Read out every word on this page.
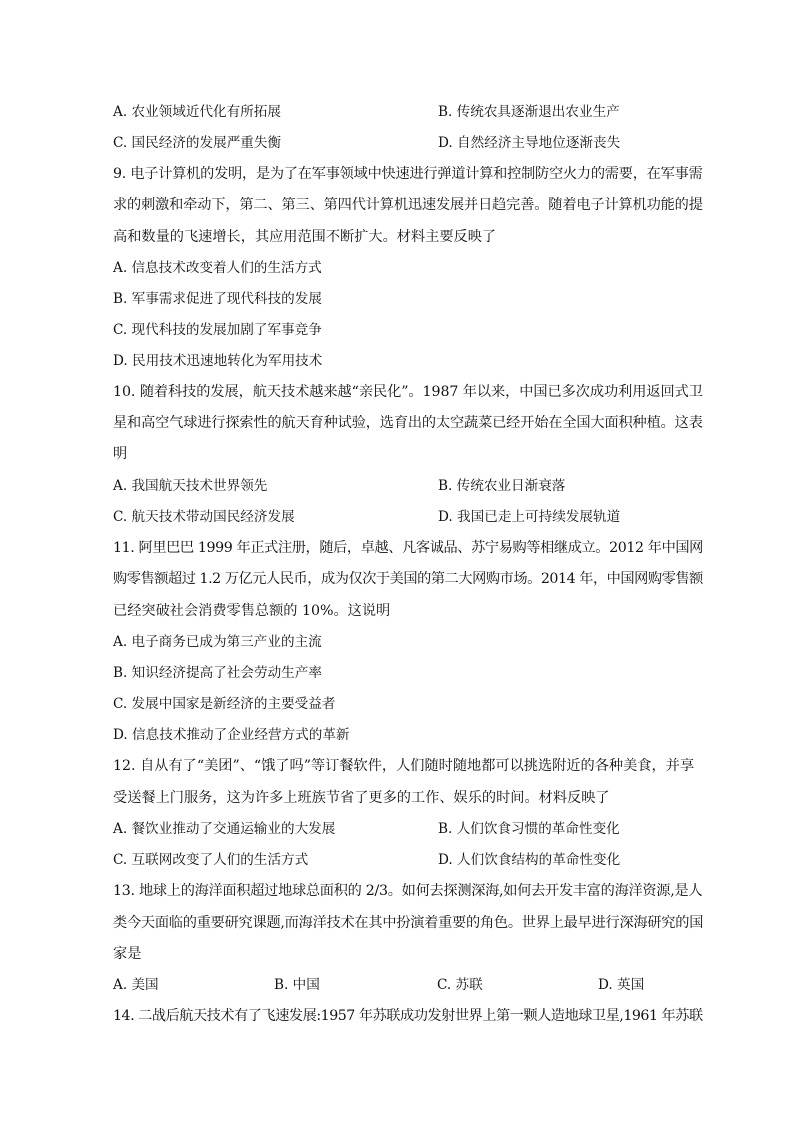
A. 农业领域近代化有所拓展	B. 传统农具逐渐退出农业生产
C. 国民经济的发展严重失衡	D. 自然经济主导地位逐渐丧失
9. 电子计算机的发明，是为了在军事领域中快速进行弹道计算和控制防空火力的需要，在军事需
求的刺激和牵动下，第二、第三、第四代计算机迅速发展并日趋完善。随着电子计算机功能的提
高和数量的飞速增长，其应用范围不断扩大。材料主要反映了
A. 信息技术改变着人们的生活方式
B. 军事需求促进了现代科技的发展
C. 现代科技的发展加剧了军事竞争
D. 民用技术迅速地转化为军用技术
10. 随着科技的发展，航天技术越来越“亲民化”。1987 年以来，中国已多次成功利用返回式卫
星和高空气球进行探索性的航天育种试验，选育出的太空蔬菜已经开始在全国大面积种植。这表
明
A. 我国航天技术世界领先	B. 传统农业日渐衰落
C. 航天技术带动国民经济发展	D. 我国已走上可持续发展轨道
11. 阿里巴巴 1999 年正式注册，随后，卓越、凡客诚品、苏宁易购等相继成立。2012 年中国网
购零售额超过 1.2 万亿元人民币，成为仅次于美国的第二大网购市场。2014 年，中国网购零售额
已经突破社会消费零售总额的 10%。这说明
A. 电子商务已成为第三产业的主流
B. 知识经济提高了社会劳动生产率
C. 发展中国家是新经济的主要受益者
D. 信息技术推动了企业经营方式的革新
12. 自从有了“美团”、“饿了吗”等订餐软件，人们随时随地都可以挑选附近的各种美食，并享
受送餐上门服务，这为许多上班族节省了更多的工作、娱乐的时间。材料反映了
A. 餐饮业推动了交通运输业的大发展	B. 人们饮食习惯的革命性变化
C. 互联网改变了人们的生活方式	D. 人们饮食结构的革命性变化
13. 地球上的海洋面积超过地球总面积的 2/3。如何去探测深海,如何去开发丰富的海洋资源,是人
类今天面临的重要研究课题,而海洋技术在其中扮演着重要的角色。世界上最早进行深海研究的国
家是
A. 美国	B. 中国	C. 苏联	D. 英国
14. 二战后航天技术有了飞速发展:1957 年苏联成功发射世界上第一颗人造地球卫星,1961 年苏联
